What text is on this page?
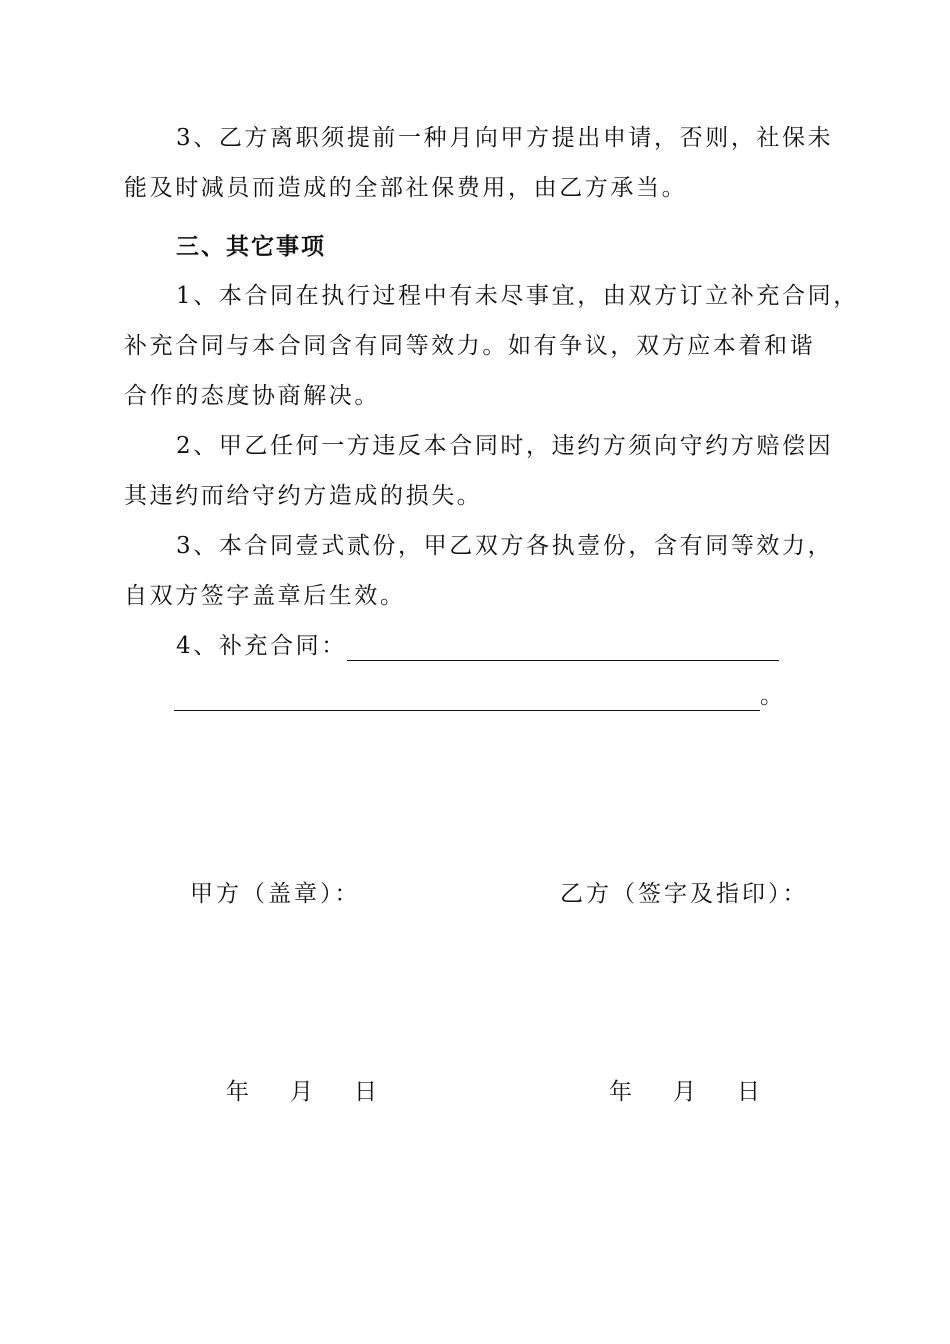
3、乙方离职须提前一种月向甲方提出申请，否则，社保未
能及时减员而造成的全部社保费用，由乙方承当。
三、其它事项
1、本合同在执行过程中有未尽事宜，由双方订立补充合同，
补充合同与本合同含有同等效力。如有争议，双方应本着和谐
合作的态度协商解决。
2、甲乙任何一方违反本合同时，违约方须向守约方赔偿因
其违约而给守约方造成的损失。
3、本合同壹式贰份，甲乙双方各执壹份，含有同等效力，
自双方签字盖章后生效。
4、补充合同：
。
甲方（盖章）：	乙方（签字及指印）：
年 月 日	年 月 日
